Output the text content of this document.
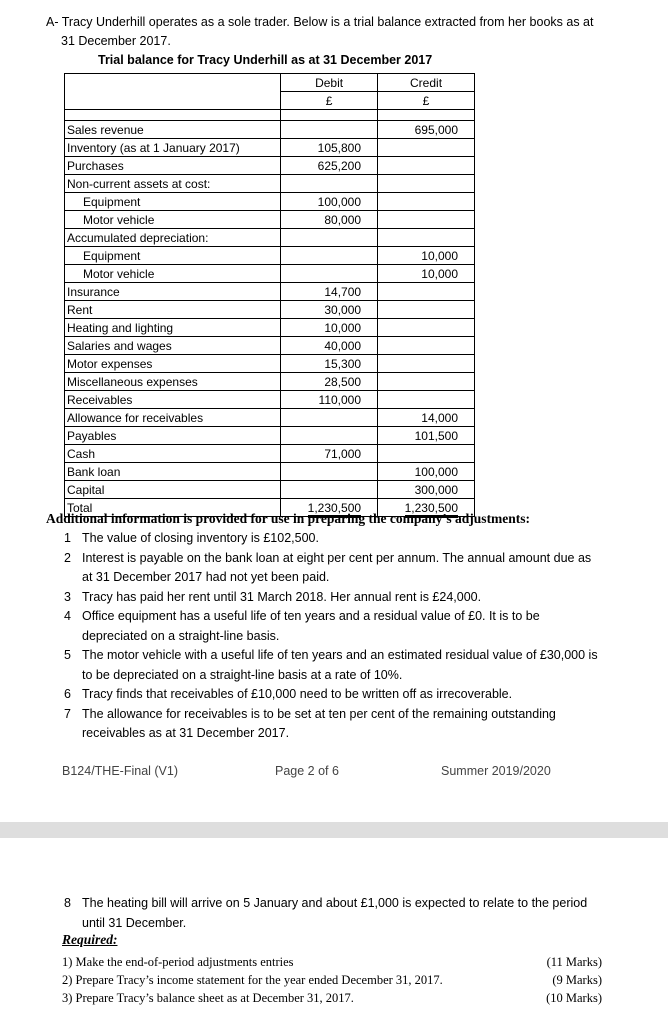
A- Tracy Underhill operates as a sole trader. Below is a trial balance extracted from her books as at
31 December 2017.
Trial balance for Tracy Underhill as at 31 December 2017
	Debit	Credit
	£	£

Sales revenue		695,000
Inventory (as at 1 January 2017)	105,800	
Purchases	625,200	
Non-current assets at cost:		
Equipment	100,000	
Motor vehicle	80,000	
Accumulated depreciation:		
Equipment		10,000
Motor vehicle		10,000
Insurance	14,700	
Rent	30,000	
Heating and lighting	10,000	
Salaries and wages	40,000	
Motor expenses	15,300	
Miscellaneous expenses	28,500	
Receivables	110,000	
Allowance for receivables		14,000
Payables		101,500
Cash	71,000	
Bank loan		100,000
Capital		300,000
Total	1,230,500	1,230,500
Additional information is provided for use in preparing the company’s adjustments:
1 The value of closing inventory is £102,500.
2 Interest is payable on the bank loan at eight per cent per annum. The annual amount due as at 31 December 2017 had not yet been paid.
3 Tracy has paid her rent until 31 March 2018. Her annual rent is £24,000.
4 Office equipment has a useful life of ten years and a residual value of £0. It is to be depreciated on a straight-line basis.
5 The motor vehicle with a useful life of ten years and an estimated residual value of £30,000 is to be depreciated on a straight-line basis at a rate of 10%.
6 Tracy finds that receivables of £10,000 need to be written off as irrecoverable.
7 The allowance for receivables is to be set at ten per cent of the remaining outstanding receivables as at 31 December 2017.
B124/THE-Final (V1)	Page 2 of 6	Summer 2019/2020
8 The heating bill will arrive on 5 January and about £1,000 is expected to relate to the period until 31 December.
Required:
1) Make the end-of-period adjustments entries	(11 Marks)
2) Prepare Tracy’s income statement for the year ended December 31, 2017.	(9 Marks)
3) Prepare Tracy’s balance sheet as at December 31, 2017.	(10 Marks)
